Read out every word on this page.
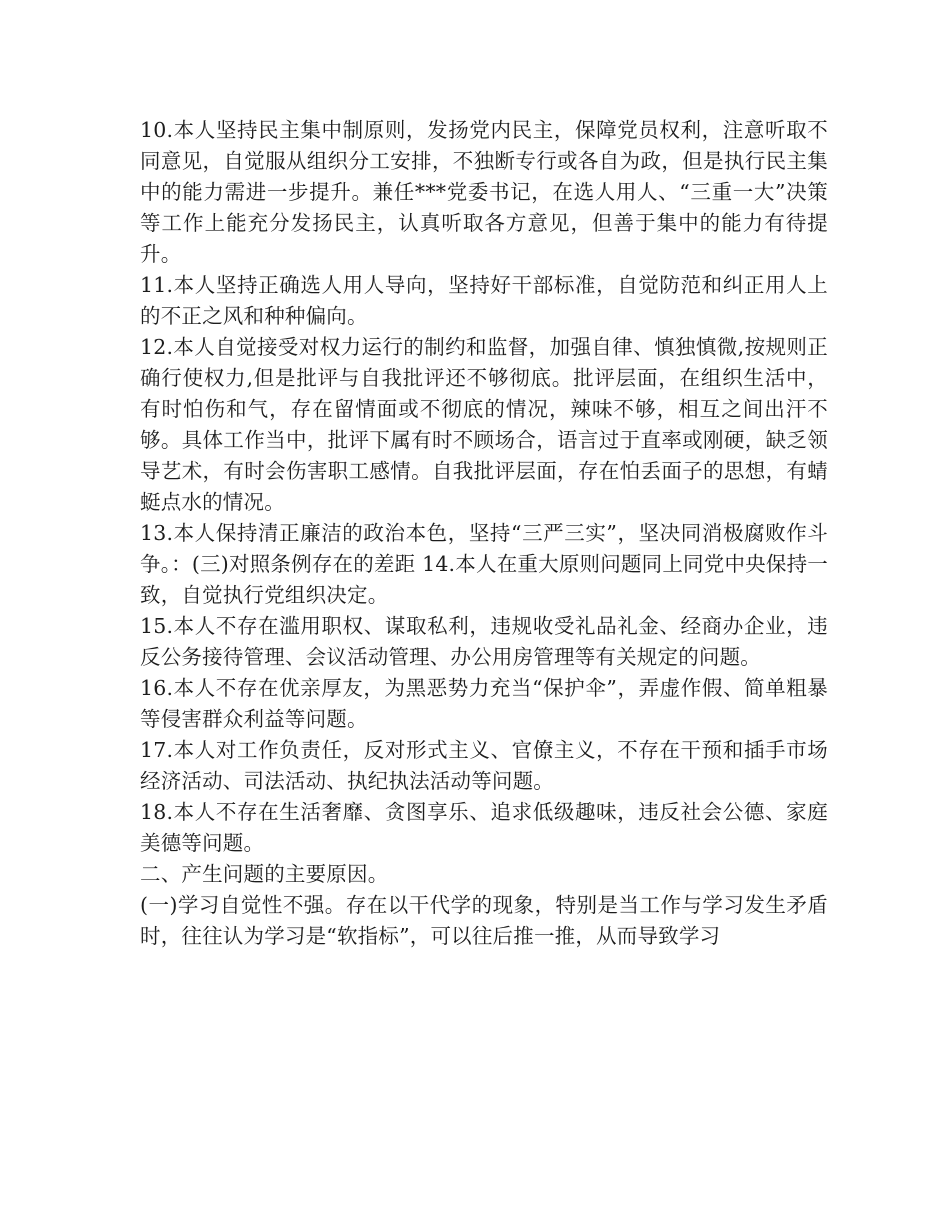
10.本人坚持民主集中制原则，发扬党内民主，保障党员权利，注意听取不同意见，自觉服从组织分工安排，不独断专行或各自为政，但是执行民主集中的能力需进一步提升。兼任***党委书记，在选人用人、“三重一大”决策等工作上能充分发扬民主，认真听取各方意见，但善于集中的能力有待提升。

11.本人坚持正确选人用人导向，坚持好干部标准，自觉防范和纠正用人上的不正之风和种种偏向。

12.本人自觉接受对权力运行的制约和监督，加强自律、慎独慎微,按规则正确行使权力,但是批评与自我批评还不够彻底。批评层面，在组织生活中，有时怕伤和气，存在留情面或不彻底的情况，辣味不够，相互之间出汗不够。具体工作当中，批评下属有时不顾场合，语言过于直率或刚硬，缺乏领导艺术，有时会伤害职工感情。自我批评层面，存在怕丢面子的思想，有蜻蜓点水的情况。

13.本人保持清正廉洁的政治本色，坚持“三严三实”，坚决同消极腐败作斗争。：(三)对照条例存在的差距 14.本人在重大原则问题同上同党中央保持一致，自觉执行党组织决定。

15.本人不存在滥用职权、谋取私利，违规收受礼品礼金、经商办企业，违反公务接待管理、会议活动管理、办公用房管理等有关规定的问题。

16.本人不存在优亲厚友，为黑恶势力充当“保护伞”，弄虚作假、简单粗暴等侵害群众利益等问题。

17.本人对工作负责任，反对形式主义、官僚主义，不存在干预和插手市场经济活动、司法活动、执纪执法活动等问题。

18.本人不存在生活奢靡、贪图享乐、追求低级趣味，违反社会公德、家庭美德等问题。

二、产生问题的主要原因。

(一)学习自觉性不强。存在以干代学的现象，特别是当工作与学习发生矛盾时，往往认为学习是“软指标”，可以往后推一推，从而导致学习
